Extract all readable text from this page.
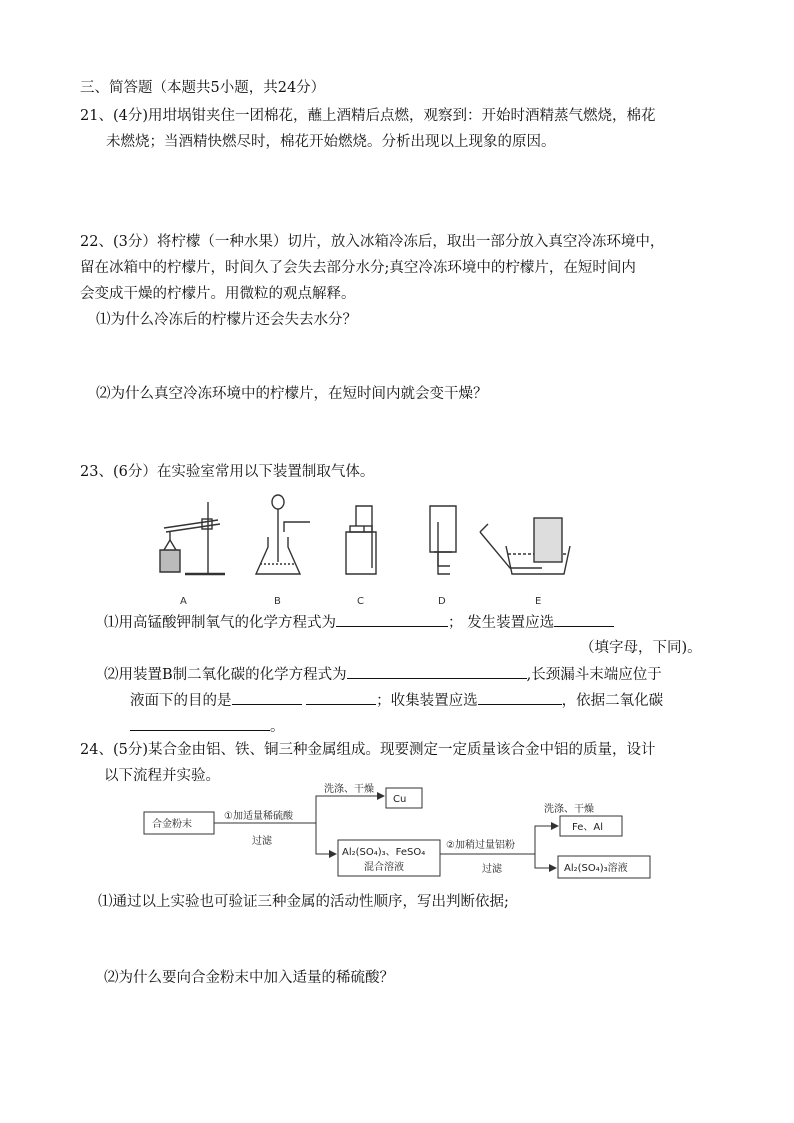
三、简答题（本题共5小题，共24分）
21、(4分)用坩埚钳夹住一团棉花，蘸上酒精后点燃，观察到：开始时酒精蒸气燃烧，棉花
未燃烧；当酒精快燃尽时，棉花开始燃烧。分析出现以上现象的原因。
22、(3分）将柠檬（一种水果）切片，放入冰箱冷冻后，取出一部分放入真空冷冻环境中，
留在冰箱中的柠檬片，时间久了会失去部分水分;真空冷冻环境中的柠檬片，在短时间内
会变成干燥的柠檬片。用微粒的观点解释。
⑴为什么冷冻后的柠檬片还会失去水分？
⑵为什么真空冷冻环境中的柠檬片，在短时间内就会变干燥？
23、(6分）在实验室常用以下装置制取气体。
A	B	C	D	E
⑴用高锰酸钾制氧气的化学方程式为	； 发生装置应选
（填字母，下同)。
⑵用装置B制二氧化碳的化学方程式为	,长颈漏斗末端应位于
液面下的目的是	；收集装置应选	，依据二氧化碳
。
24、(5分)某合金由铝、铁、铜三种金属组成。现要测定一定质量该合金中铝的质量，设计
以下流程并实验。
合金粉末
①加适量稀硫酸
过滤
洗涤、干燥
Cu
Al₂(SO₄)₃、FeSO₄
混合溶液
②加稍过量铝粉
过滤
洗涤、干燥
Fe、Al
Al₂(SO₄)₃溶液
⑴通过以上实验也可验证三种金属的活动性顺序，写出判断依据;
⑵为什么要向合金粉末中加入适量的稀硫酸？
